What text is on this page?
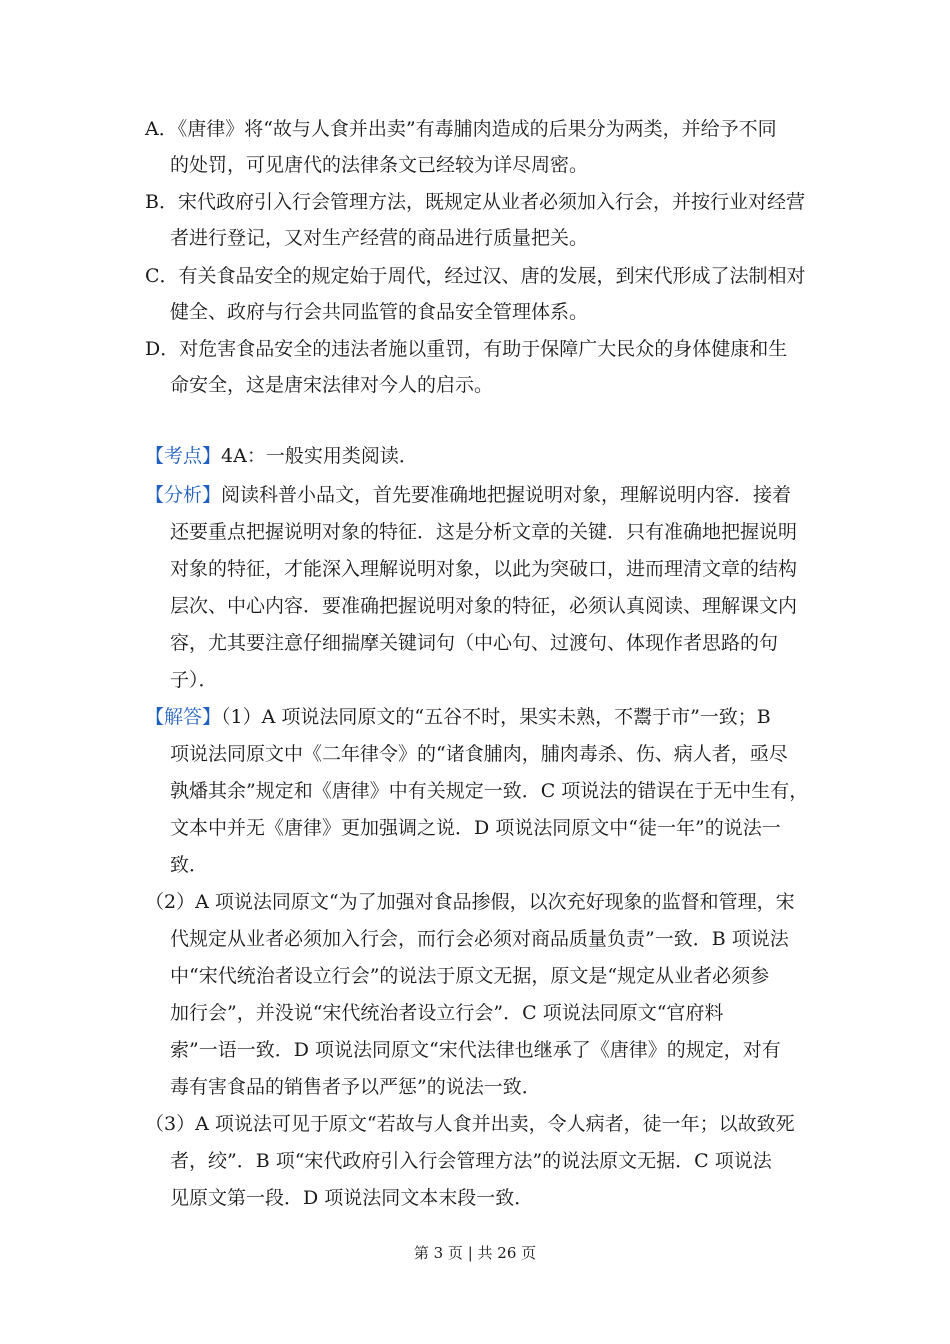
A．《唐律》将“故与人食并出卖”有毒脯肉造成的后果分为两类，并给予不同
的处罚，可见唐代的法律条文已经较为详尽周密。
B．宋代政府引入行会管理方法，既规定从业者必须加入行会，并按行业对经营
者进行登记，又对生产经营的商品进行质量把关。
C．有关食品安全的规定始于周代，经过汉、唐的发展，到宋代形成了法制相对
健全、政府与行会共同监管的食品安全管理体系。
D．对危害食品安全的违法者施以重罚，有助于保障广大民众的身体健康和生
命安全，这是唐宋法律对今人的启示。
【考点】4A：一般实用类阅读．
【分析】阅读科普小品文，首先要准确地把握说明对象，理解说明内容．接着
还要重点把握说明对象的特征．这是分析文章的关键．只有准确地把握说明
对象的特征，才能深入理解说明对象，以此为突破口，进而理清文章的结构
层次、中心内容．要准确把握说明对象的特征，必须认真阅读、理解课文内
容，尤其要注意仔细揣摩关键词句（中心句、过渡句、体现作者思路的句
子）．
【解答】（1）A 项说法同原文的“五谷不时，果实未熟，不鬻于市”一致；B
项说法同原文中《二年律令》的“诸食脯肉，脯肉毒杀、伤、病人者，亟尽
孰燔其余”规定和《唐律》中有关规定一致．C 项说法的错误在于无中生有，
文本中并无《唐律》更加强调之说．D 项说法同原文中“徒一年”的说法一
致．
（2）A 项说法同原文“为了加强对食品掺假，以次充好现象的监督和管理，宋
代规定从业者必须加入行会，而行会必须对商品质量负责”一致．B 项说法
中“宋代统治者设立行会”的说法于原文无据，原文是“规定从业者必须参
加行会”，并没说“宋代统治者设立行会”．C 项说法同原文“官府料
索”一语一致．D 项说法同原文“宋代法律也继承了《唐律》的规定，对有
毒有害食品的销售者予以严惩”的说法一致．
（3）A 项说法可见于原文“若故与人食并出卖，令人病者，徒一年；以故致死
者，绞”．B 项“宋代政府引入行会管理方法”的说法原文无据．C 项说法
见原文第一段．D 项说法同文本末段一致．
第 3 页 | 共 26 页
